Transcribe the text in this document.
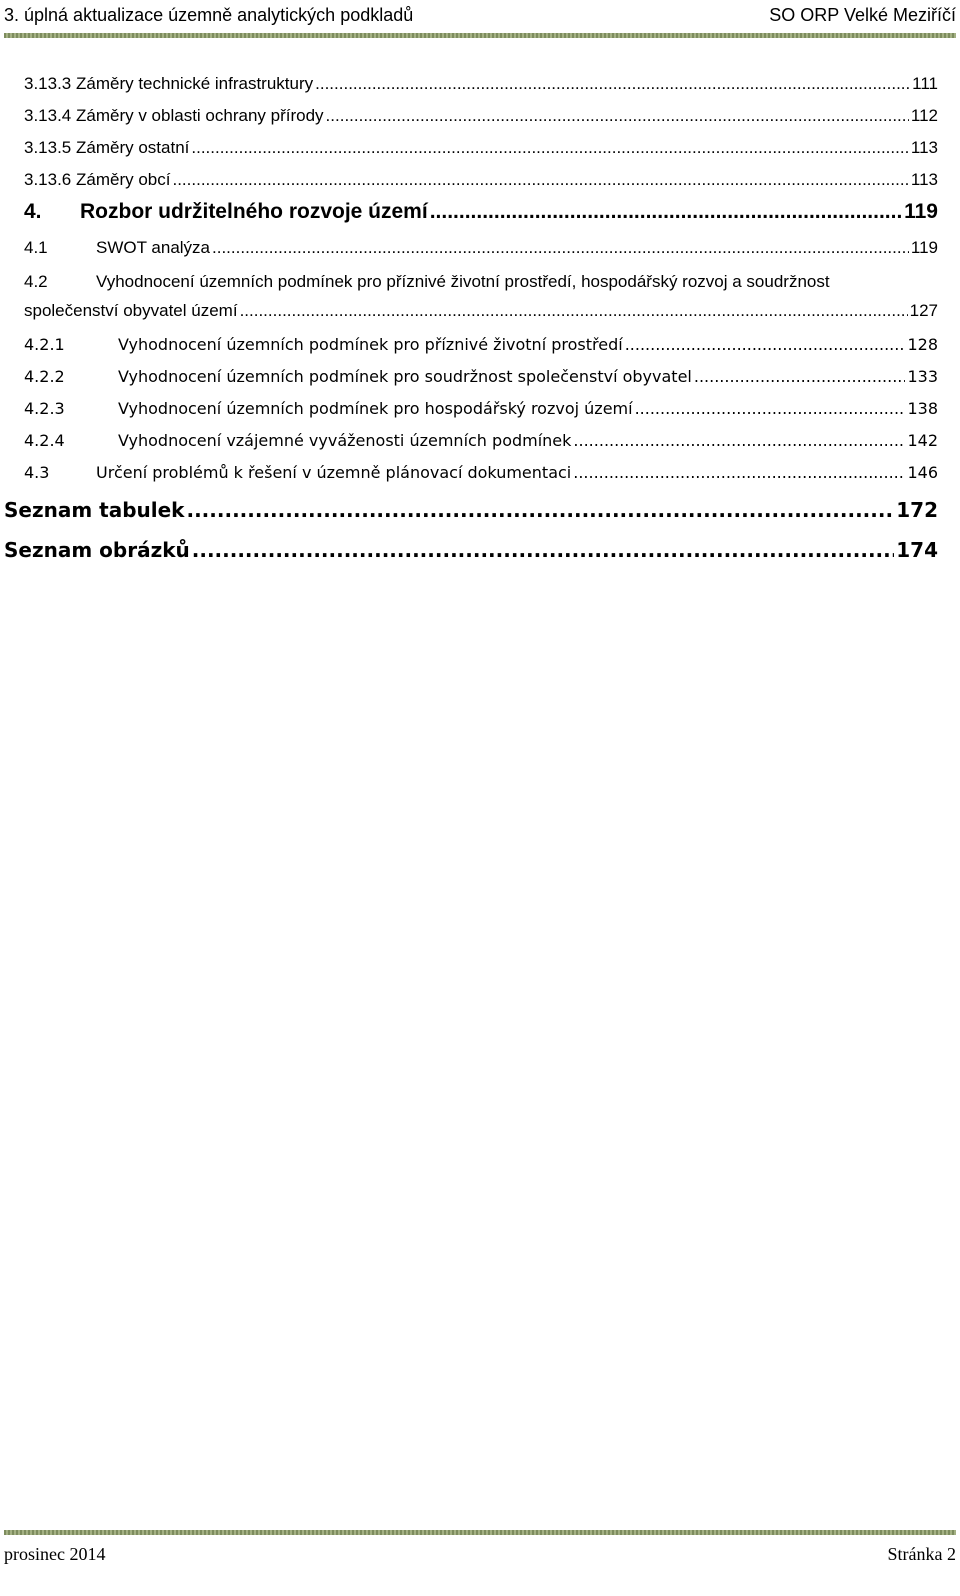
3. úplná aktualizace územně analytických podkladů	SO ORP Velké Meziříčí
3.13.3 Záměry technické infrastruktury .....	111
3.13.4 Záměry v oblasti ochrany přírody .....	112
3.13.5 Záměry ostatní .....	113
3.13.6 Záměry obcí .....	113
4. Rozbor udržitelného rozvoje území .....	119
4.1	SWOT analýza .....	119
4.2	Vyhodnocení územních podmínek pro příznivé životní prostředí, hospodářský rozvoj a soudržnost
společenství obyvatel území .....	127
4.2.1	Vyhodnocení územních podmínek pro příznivé životní prostředí .....	128
4.2.2	Vyhodnocení územních podmínek pro soudržnost společenství obyvatel .....	133
4.2.3	Vyhodnocení územních podmínek pro hospodářský rozvoj území .....	138
4.2.4	Vyhodnocení vzájemné vyváženosti územních podmínek .....	142
4.3	Určení problémů k řešení v územně plánovací dokumentaci .....	146
Seznam tabulek .....	172
Seznam obrázků .....	174
prosinec 2014	Stránka 2
